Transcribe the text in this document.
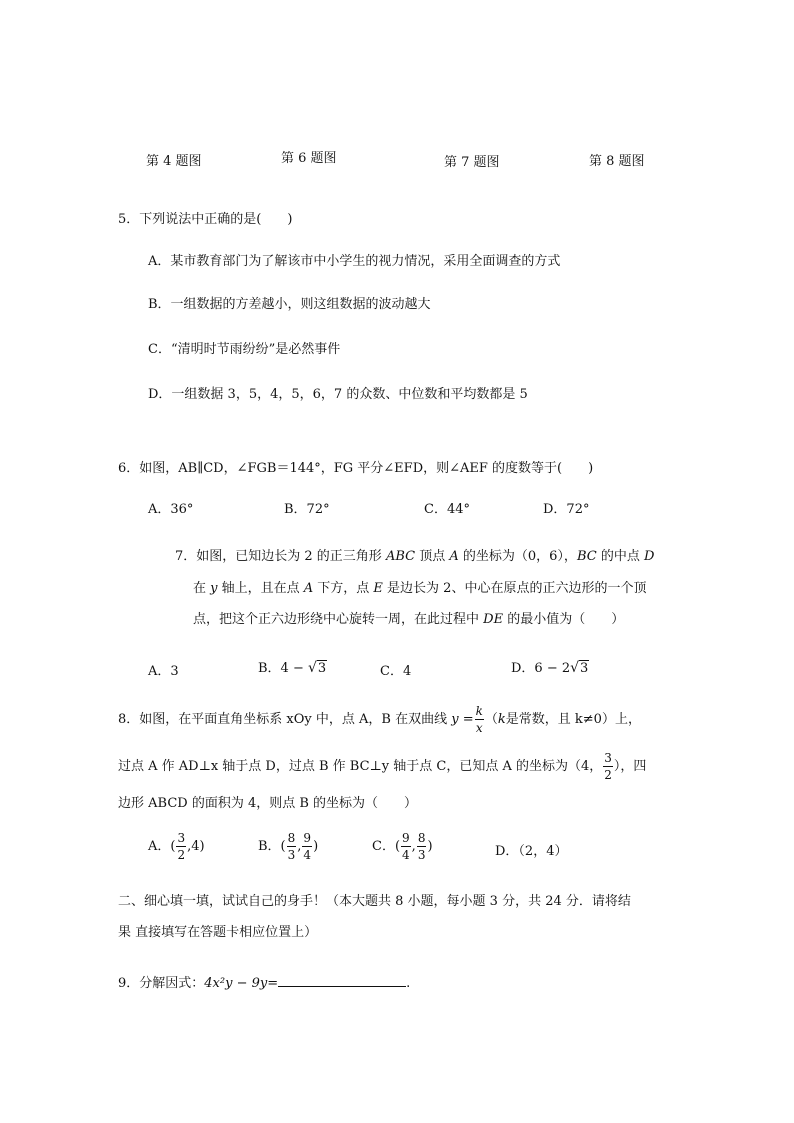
第 4 题图	第 6 题图	第 7 题图	第 8 题图
5．下列说法中正确的是(　　)
A．某市教育部门为了解该市中小学生的视力情况，采用全面调查的方式
B．一组数据的方差越小，则这组数据的波动越大
C．“清明时节雨纷纷”是必然事件
D．一组数据 3，5，4，5，6，7 的众数、中位数和平均数都是 5
6．如图，AB∥CD，∠FGB＝144°，FG 平分∠EFD，则∠AEF 的度数等于(　　)
A．36°	B．72°	C．44°	D．72°
7．如图，已知边长为 2 的正三角形 ABC 顶点 A 的坐标为（0，6），BC 的中点 D
在 y 轴上，且在点 A 下方，点 E 是边长为 2、中心在原点的正六边形的一个顶
点，把这个正六边形绕中心旋转一周，在此过程中 DE 的最小值为（　　）
A．3	B．4 − √3	C．4	D．6 − 2√3
8．如图，在平面直角坐标系 xOy 中，点 A，B 在双曲线 $y = \frac{k}{x} (k$是常数，且 k≠0）上，
过点 A 作 AD⊥x 轴于点 D，过点 B 作 BC⊥y 轴于点 C，已知点 A 的坐标为（4， $\frac{3}{2}$ ），四
边形 ABCD 的面积为 4，则点 B 的坐标为（　　）
A．( $\frac{3}{2} ,4$)	B．( $\frac{8}{3}$ , $\frac{9}{4}$ )	C．( $\frac{9}{4}$ , $\frac{8}{3}$ )	D．（2，4）
二、细心填一填，试试自己的身手！（本大题共 8 小题，每小题 3 分，共 24 分．请将结
果 直接填写在答题卡相应位置上）
9．分解因式：4x²y − 9y=	.
